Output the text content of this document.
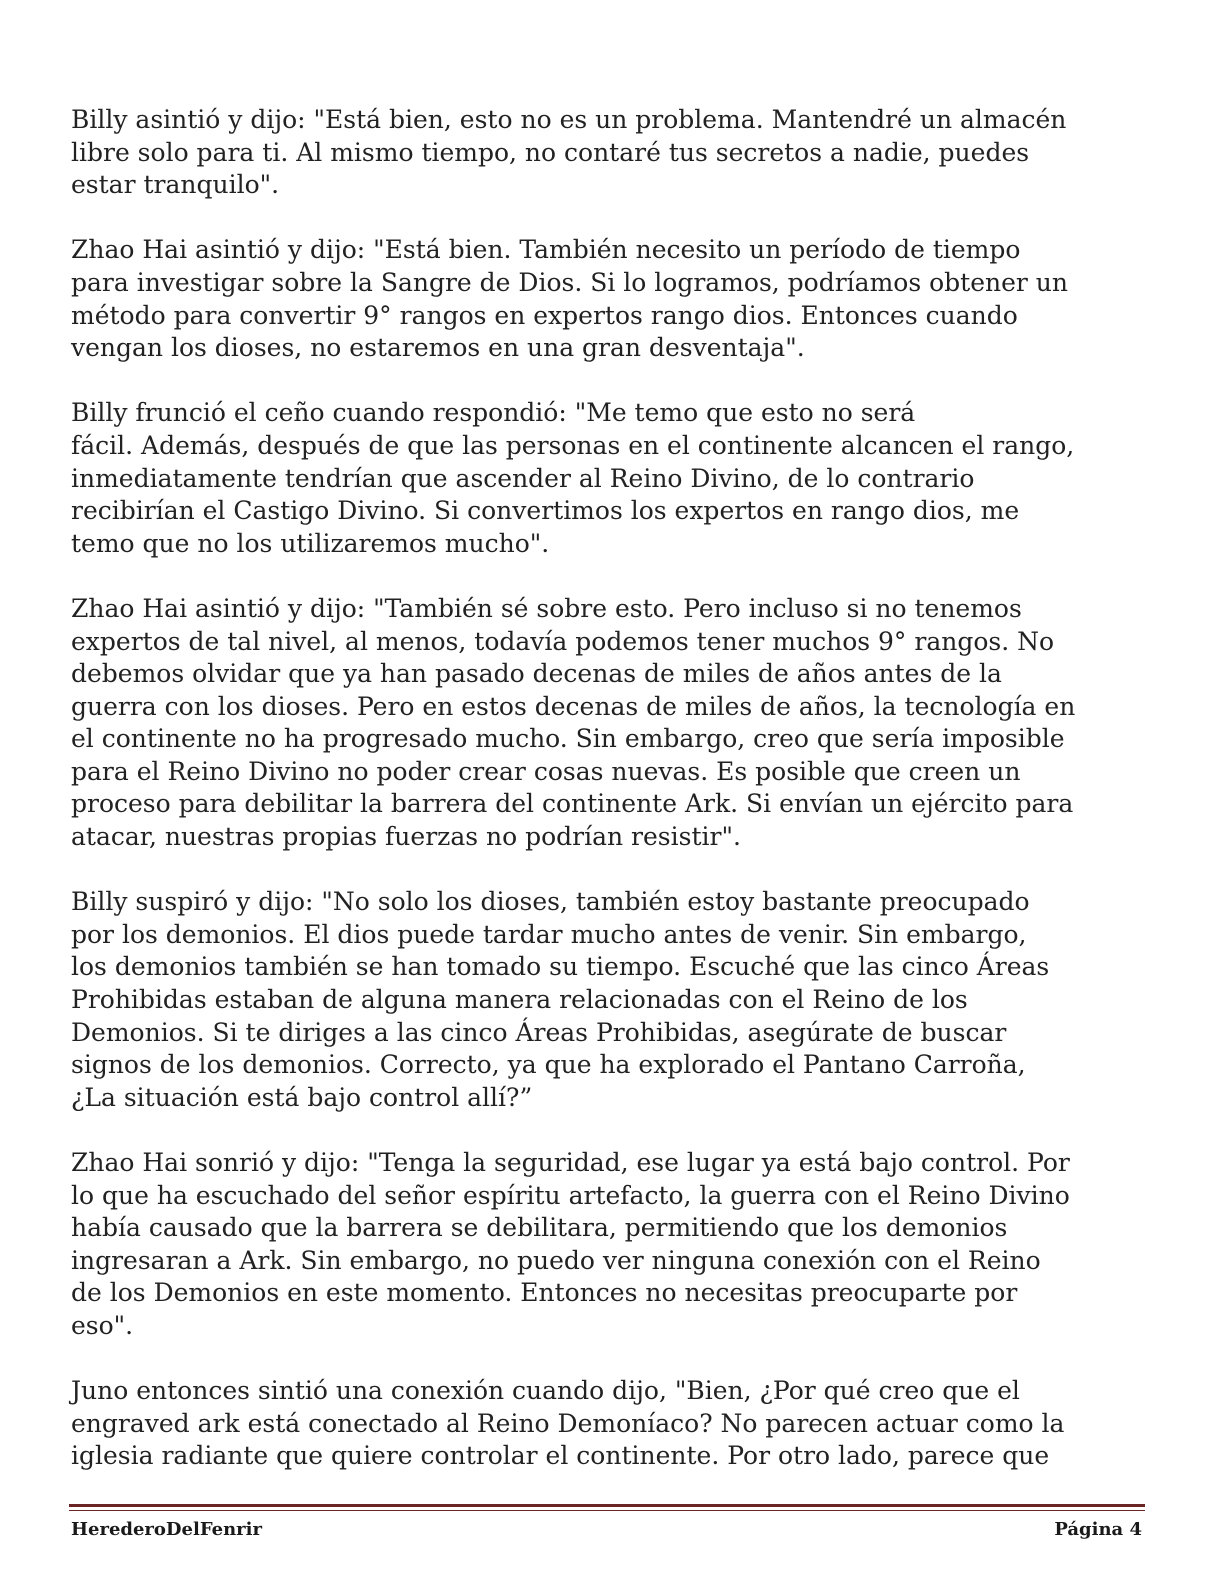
Billy asintió y dijo: "Está bien, esto no es un problema. Mantendré un almacén
libre solo para ti. Al mismo tiempo, no contaré tus secretos a nadie, puedes
estar tranquilo".

Zhao Hai asintió y dijo: "Está bien. También necesito un período de tiempo
para investigar sobre la Sangre de Dios. Si lo logramos, podríamos obtener un
método para convertir 9° rangos en expertos rango dios. Entonces cuando
vengan los dioses, no estaremos en una gran desventaja".

Billy frunció el ceño cuando respondió: "Me temo que esto no será
fácil. Además, después de que las personas en el continente alcancen el rango,
inmediatamente tendrían que ascender al Reino Divino, de lo contrario
recibirían el Castigo Divino. Si convertimos los expertos en rango dios, me
temo que no los utilizaremos mucho".

Zhao Hai asintió y dijo: "También sé sobre esto. Pero incluso si no tenemos
expertos de tal nivel, al menos, todavía podemos tener muchos 9° rangos. No
debemos olvidar que ya han pasado decenas de miles de años antes de la
guerra con los dioses. Pero en estos decenas de miles de años, la tecnología en
el continente no ha progresado mucho. Sin embargo, creo que sería imposible
para el Reino Divino no poder crear cosas nuevas. Es posible que creen un
proceso para debilitar la barrera del continente Ark. Si envían un ejército para
atacar, nuestras propias fuerzas no podrían resistir".

Billy suspiró y dijo: "No solo los dioses, también estoy bastante preocupado
por los demonios. El dios puede tardar mucho antes de venir. Sin embargo,
los demonios también se han tomado su tiempo. Escuché que las cinco Áreas
Prohibidas estaban de alguna manera relacionadas con el Reino de los
Demonios. Si te diriges a las cinco Áreas Prohibidas, asegúrate de buscar
signos de los demonios. Correcto, ya que ha explorado el Pantano Carroña,
¿La situación está bajo control allí?”

Zhao Hai sonrió y dijo: "Tenga la seguridad, ese lugar ya está bajo control. Por
lo que ha escuchado del señor espíritu artefacto, la guerra con el Reino Divino
había causado que la barrera se debilitara, permitiendo que los demonios
ingresaran a Ark. Sin embargo, no puedo ver ninguna conexión con el Reino
de los Demonios en este momento. Entonces no necesitas preocuparte por
eso".

Juno entonces sintió una conexión cuando dijo, "Bien, ¿Por qué creo que el
engraved ark está conectado al Reino Demoníaco? No parecen actuar como la
iglesia radiante que quiere controlar el continente. Por otro lado, parece que

HerederoDelFenrir	Página 4
